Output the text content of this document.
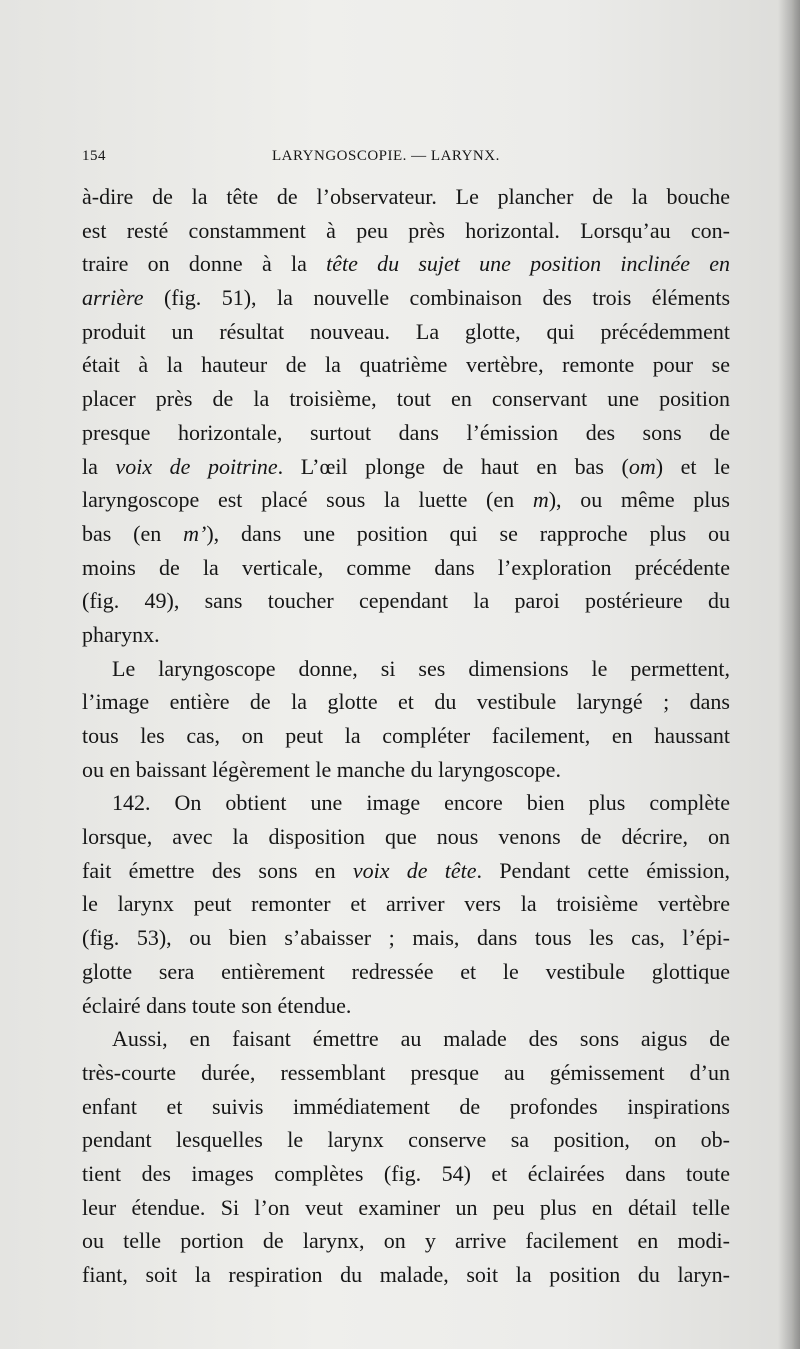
154	LARYNGOSCOPIE. — LARYNX.
à-dire de la tête de l’observateur. Le plancher de la bouche
est resté constamment à peu près horizontal. Lorsqu’au con-
traire on donne à la tête du sujet une position inclinée en
arrière (fig. 51), la nouvelle combinaison des trois éléments
produit un résultat nouveau. La glotte, qui précédemment
était à la hauteur de la quatrième vertèbre, remonte pour se
placer près de la troisième, tout en conservant une position
presque horizontale, surtout dans l’émission des sons de
la voix de poitrine. L’œil plonge de haut en bas (om) et le
laryngoscope est placé sous la luette (en m), ou même plus
bas (en m’), dans une position qui se rapproche plus ou
moins de la verticale, comme dans l’exploration précédente
(fig. 49), sans toucher cependant la paroi postérieure du
pharynx.
Le laryngoscope donne, si ses dimensions le permettent,
l’image entière de la glotte et du vestibule laryngé ; dans
tous les cas, on peut la compléter facilement, en haussant
ou en baissant légèrement le manche du laryngoscope.
142. On obtient une image encore bien plus complète
lorsque, avec la disposition que nous venons de décrire, on
fait émettre des sons en voix de tête. Pendant cette émission,
le larynx peut remonter et arriver vers la troisième vertèbre
(fig. 53), ou bien s’abaisser ; mais, dans tous les cas, l’épi-
glotte sera entièrement redressée et le vestibule glottique
éclairé dans toute son étendue.
Aussi, en faisant émettre au malade des sons aigus de
très-courte durée, ressemblant presque au gémissement d’un
enfant et suivis immédiatement de profondes inspirations
pendant lesquelles le larynx conserve sa position, on ob-
tient des images complètes (fig. 54) et éclairées dans toute
leur étendue. Si l’on veut examiner un peu plus en détail telle
ou telle portion de larynx, on y arrive facilement en modi-
fiant, soit la respiration du malade, soit la position du laryn-
